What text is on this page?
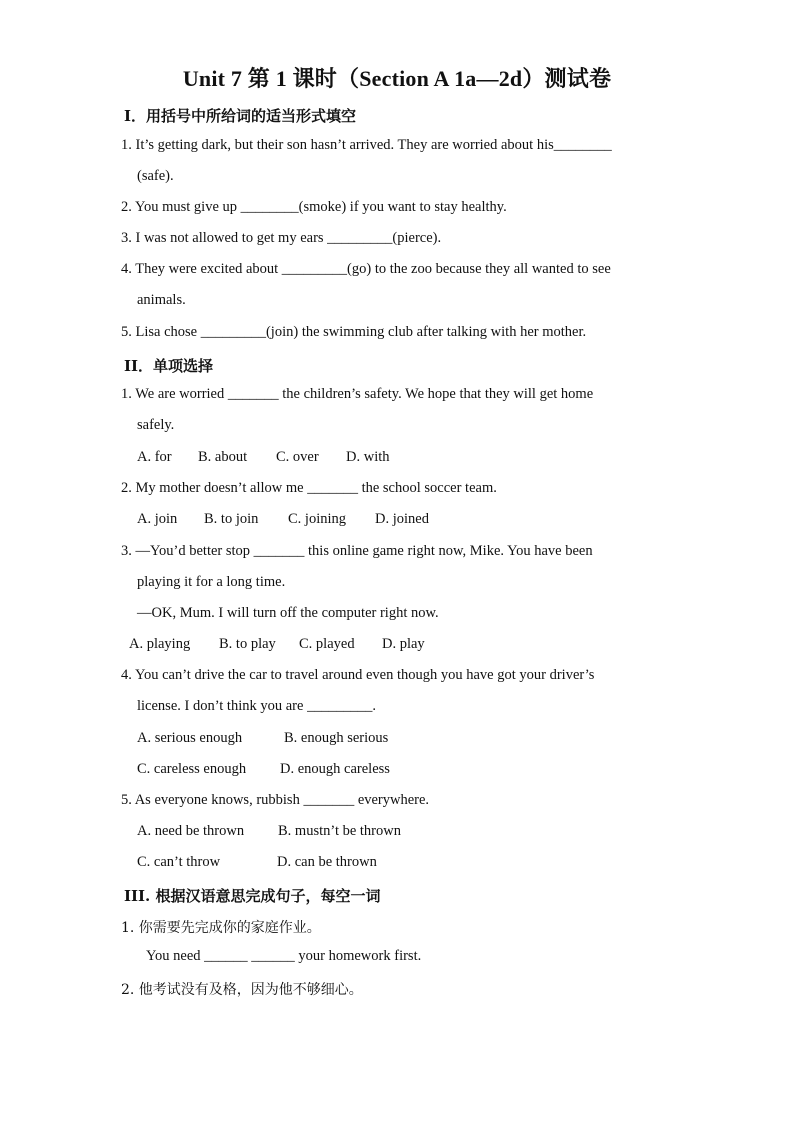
Unit 7 第 1 课时（Section A 1a—2d）测试卷
I．用括号中所给词的适当形式填空
1. It’s getting dark, but their son hasn’t arrived. They are worried about his________
(safe).
2. You must give up ________(smoke) if you want to stay healthy.
3. I was not allowed to get my ears _________(pierce).
4. They were excited about _________(go) to the zoo because they all wanted to see
animals.
5. Lisa chose _________(join) the swimming club after talking with her mother.
II．单项选择
1. We are worried _______ the children’s safety. We hope that they will get home
safely.
A. for B. about C. over D. with
2. My mother doesn’t allow me _______ the school soccer team.
A. join B. to join C. joining D. joined
3. —You’d better stop _______ this online game right now, Mike. You have been
playing it for a long time.
—OK, Mum. I will turn off the computer right now.
A. playing B. to play C. played D. play
4. You can’t drive the car to travel around even though you have got your driver’s
license. I don’t think you are _________.
A. serious enough	B. enough serious
C. careless enough D. enough careless
5. As everyone knows, rubbish _______ everywhere.
A. need be thrown B. mustn’t be thrown
C. can’t throw	D. can be thrown
III. 根据汉语意思完成句子，每空一词
1. 你需要先完成你的家庭作业。
You need ______ ______ your homework first.
2. 他考试没有及格，因为他不够细心。
